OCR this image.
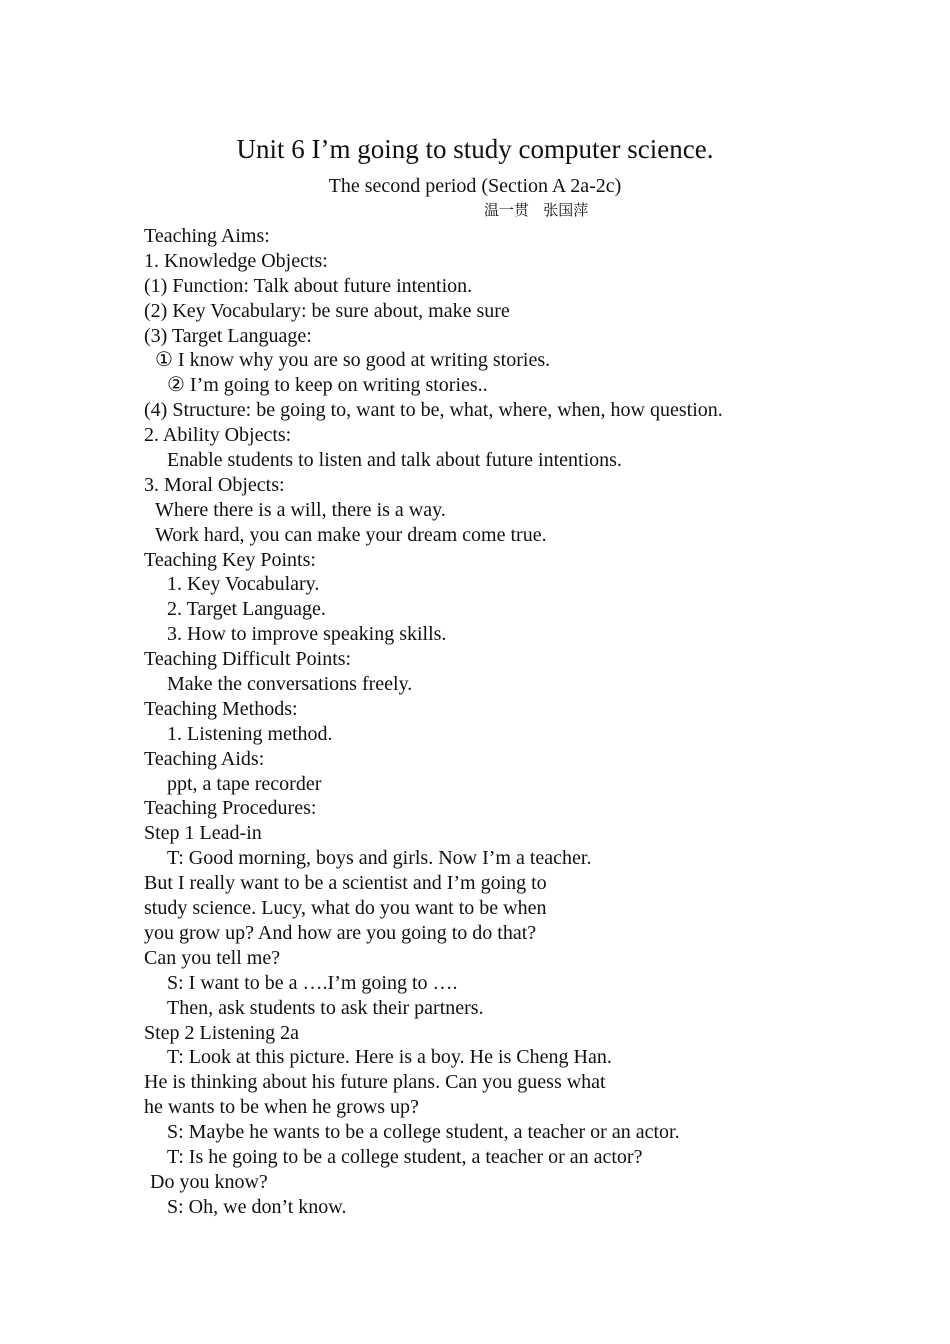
Unit 6 I’m going to study computer science.
The second period (Section A 2a-2c)
温一贯   张国萍
Teaching Aims:
1. Knowledge Objects:
(1) Function: Talk about future intention.
(2) Key Vocabulary: be sure about, make sure
(3) Target Language:
① I know why you are so good at writing stories.
② I’m going to keep on writing stories..
(4) Structure: be going to, want to be, what, where, when, how question.
2. Ability Objects:
Enable students to listen and talk about future intentions.
3. Moral Objects:
Where there is a will, there is a way.
Work hard, you can make your dream come true.
Teaching Key Points:
1. Key Vocabulary.
2. Target Language.
3. How to improve speaking skills.
Teaching Difficult Points:
Make the conversations freely.
Teaching Methods:
1. Listening method.
Teaching Aids:
ppt, a tape recorder
Teaching Procedures:
Step 1 Lead-in
T: Good morning, boys and girls. Now I’m a teacher.
But I really want to be a scientist and I’m going to
study science. Lucy, what do you want to be when
you grow up? And how are you going to do that?
Can you tell me?
S: I want to be a ….I’m going to ….
Then, ask students to ask their partners.
Step 2 Listening 2a
T: Look at this picture. Here is a boy. He is Cheng Han.
He is thinking about his future plans. Can you guess what
he wants to be when he grows up?
S: Maybe he wants to be a college student, a teacher or an actor.
T: Is he going to be a college student, a teacher or an actor?
Do you know?
S: Oh, we don’t know.
